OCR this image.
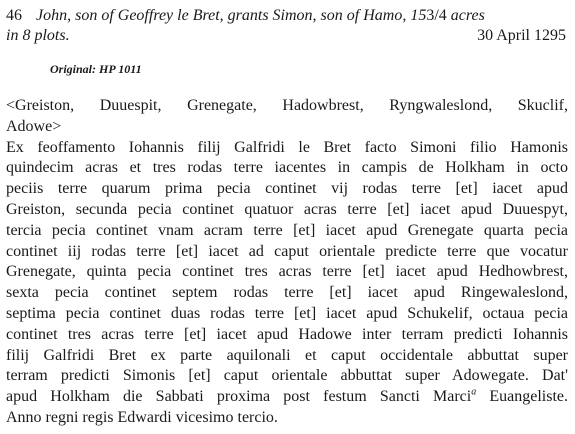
46 John, son of Geoffrey le Bret, grants Simon, son of Hamo, 153/4 acres
in 8 plots.	30 April 1295
Original: HP 1011
<Greiston, Duuespit, Grenegate, Hadowbrest, Ryngwaleslond, Skuclif,
Adowe>
Ex feoffamento Iohannis filij Galfridi le Bret facto Simoni filio Hamonis
quindecim acras et tres rodas terre iacentes in campis de Holkham in octo
peciis terre quarum prima pecia continet vij rodas terre [et] iacet apud
Greiston, secunda pecia continet quatuor acras terre [et] iacet apud Duuespyt,
tercia pecia continet vnam acram terre [et] iacet apud Grenegate quarta pecia
continet iij rodas terre [et] iacet ad caput orientale predicte terre que vocatur
Grenegate, quinta pecia continet tres acras terre [et] iacet apud Hedhowbrest,
sexta pecia continet septem rodas terre [et] iacet apud Ringewaleslond,
septima pecia continet duas rodas terre [et] iacet apud Schukelif, octaua pecia
continet tres acras terre [et] iacet apud Hadowe inter terram predicti Iohannis
filij Galfridi Bret ex parte aquilonali et caput occidentale abbuttat super
terram predicti Simonis [et] caput orientale abbuttat super Adowegate. Dat'
apud Holkham die Sabbati proxima post festum Sancti Marci$^a$ Euangeliste.
Anno regni regis Edwardi vicesimo tercio.
